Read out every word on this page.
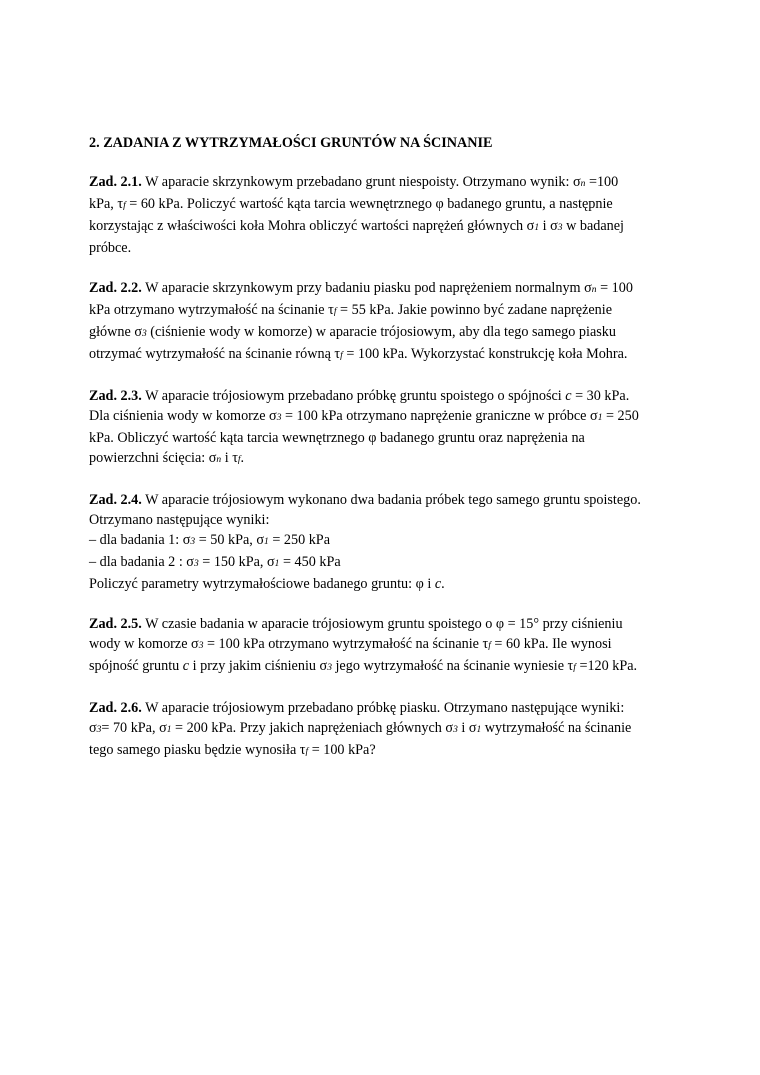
2. ZADANIA Z WYTRZYMAŁOŚCI GRUNTÓW NA ŚCINANIE
Zad. 2.1. W aparacie skrzynkowym przebadano grunt niespoisty. Otrzymano wynik: σn =100
kPa, τf = 60 kPa. Policzyć wartość kąta tarcia wewnętrznego φ badanego gruntu, a następnie
korzystając z właściwości koła Mohra obliczyć wartości naprężeń głównych σ1 i σ3 w badanej
próbce.
Zad. 2.2. W aparacie skrzynkowym przy badaniu piasku pod naprężeniem normalnym σn = 100
kPa otrzymano wytrzymałość na ścinanie τf = 55 kPa. Jakie powinno być zadane naprężenie
główne σ3 (ciśnienie wody w komorze) w aparacie trójosiowym, aby dla tego samego piasku
otrzymać wytrzymałość na ścinanie równą τf = 100 kPa. Wykorzystać konstrukcję koła Mohra.
Zad. 2.3. W aparacie trójosiowym przebadano próbkę gruntu spoistego o spójności c = 30 kPa.
Dla ciśnienia wody w komorze σ3 = 100 kPa otrzymano naprężenie graniczne w próbce σ1 = 250
kPa. Obliczyć wartość kąta tarcia wewnętrznego φ badanego gruntu oraz naprężenia na
powierzchni ścięcia: σn i τf.
Zad. 2.4. W aparacie trójosiowym wykonano dwa badania próbek tego samego gruntu spoistego.
Otrzymano następujące wyniki:
– dla badania 1: σ3 = 50 kPa, σ1 = 250 kPa
– dla badania 2 : σ3 = 150 kPa, σ1 = 450 kPa
Policzyć parametry wytrzymałościowe badanego gruntu: φ i c.
Zad. 2.5. W czasie badania w aparacie trójosiowym gruntu spoistego o φ = 15° przy ciśnieniu
wody w komorze σ3 = 100 kPa otrzymano wytrzymałość na ścinanie τf = 60 kPa. Ile wynosi
spójność gruntu c i przy jakim ciśnieniu σ3 jego wytrzymałość na ścinanie wyniesie τf =120 kPa.
Zad. 2.6. W aparacie trójosiowym przebadano próbkę piasku. Otrzymano następujące wyniki:
σ3= 70 kPa, σ1 = 200 kPa. Przy jakich naprężeniach głównych σ3 i σ1 wytrzymałość na ścinanie
tego samego piasku będzie wynosiła τf = 100 kPa?
